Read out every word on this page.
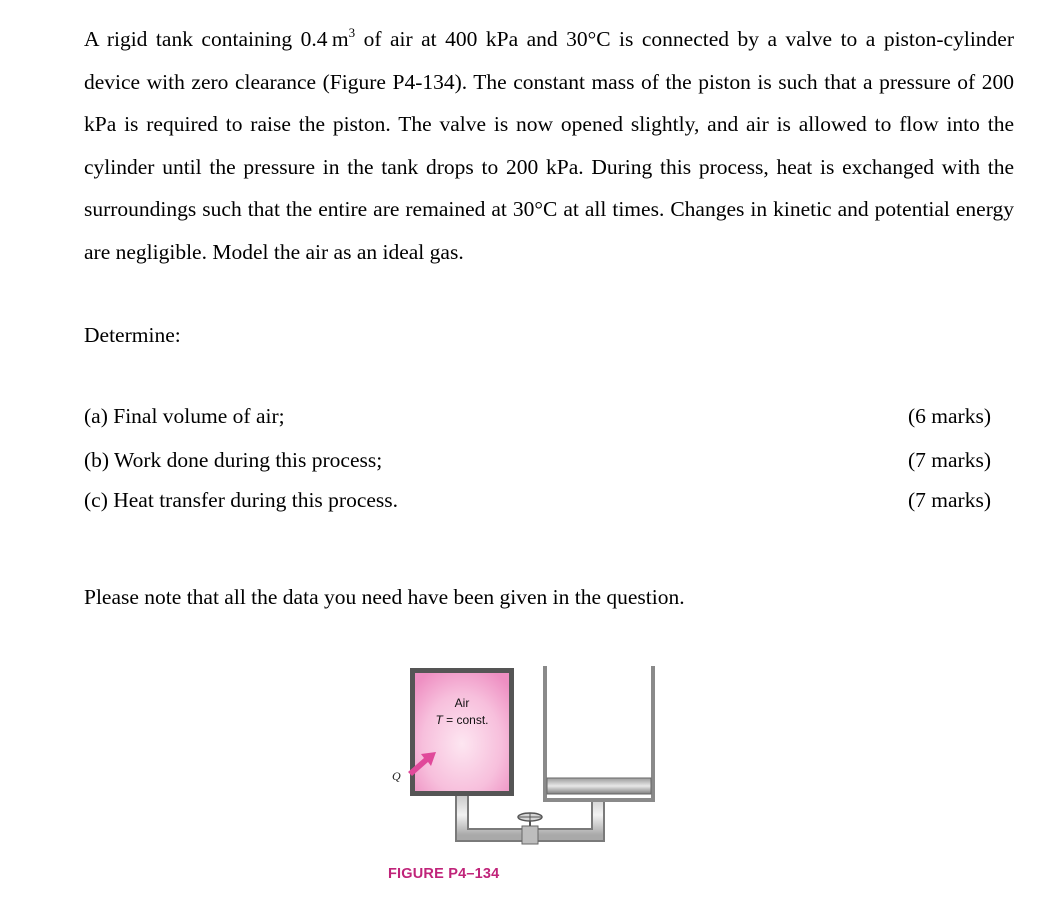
A rigid tank containing 0.4 $m^3$ of air at 400 kPa and 30°C is connected by a valve to a piston-cylinder device with zero clearance (Figure P4-134). The constant mass of the piston is such that a pressure of 200 kPa is required to raise the piston. The valve is now opened slightly, and air is allowed to flow into the cylinder until the pressure in the tank drops to 200 kPa. During this process, heat is exchanged with the surroundings such that the entire are remained at 30°C at all times. Changes in kinetic and potential energy are negligible. Model the air as an ideal gas.
Determine:
(a) Final volume of air;	(6 marks)
(b) Work done during this process;	(7 marks)
(c) Heat transfer during this process.	(7 marks)
Please note that all the data you need have been given in the question.
Air
T = const.
Q
FIGURE P4–134
